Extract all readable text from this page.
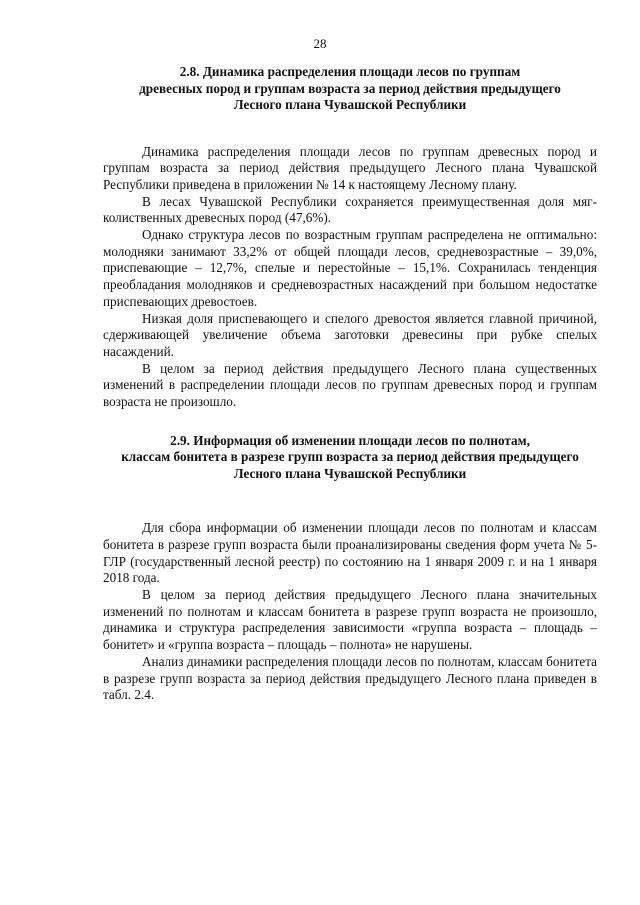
28
2.8. Динамика распределения площади лесов по группам
древесных пород и группам возраста за период действия предыдущего
Лесного плана Чувашской Республики

Динамика распределения площади лесов по группам древесных пород и группам возраста за период действия предыдущего Лесного плана Чувашской Республики приведена в приложении № 14 к настоящему Лесному плану.

В лесах Чувашской Республики сохраняется преимущественная доля мягколиственных древесных пород (47,6%).

Однако структура лесов по возрастным группам распределена не оптимально: молодняки занимают 33,2% от общей площади лесов, средневозрастные – 39,0%, приспевающие – 12,7%, спелые и перестойные – 15,1%. Сохранилась тенденция преобладания молодняков и средневозрастных насаждений при большом недостатке приспевающих древостоев.

Низкая доля приспевающего и спелого древостоя является главной причиной, сдерживающей увеличение объема заготовки древесины при рубке спелых насаждений.

В целом за период действия предыдущего Лесного плана существенных изменений в распределении площади лесов по группам древесных пород и группам возраста не произошло.

2.9. Информация об изменении площади лесов по полнотам,
классам бонитета в разрезе групп возраста за период действия предыдущего
Лесного плана Чувашской Республики

Для сбора информации об изменении площади лесов по полнотам и классам бонитета в разрезе групп возраста были проанализированы сведения форм учета № 5-ГЛР (государственный лесной реестр) по состоянию на 1 января 2009 г. и на 1 января 2018 года.

В целом за период действия предыдущего Лесного плана значительных изменений по полнотам и классам бонитета в разрезе групп возраста не произошло, динамика и структура распределения зависимости «группа возраста – площадь – бонитет» и «группа возраста – площадь – полнота» не нарушены.

Анализ динамики распределения площади лесов по полнотам, классам бонитета в разрезе групп возраста за период действия предыдущего Лесного плана приведен в табл. 2.4.
